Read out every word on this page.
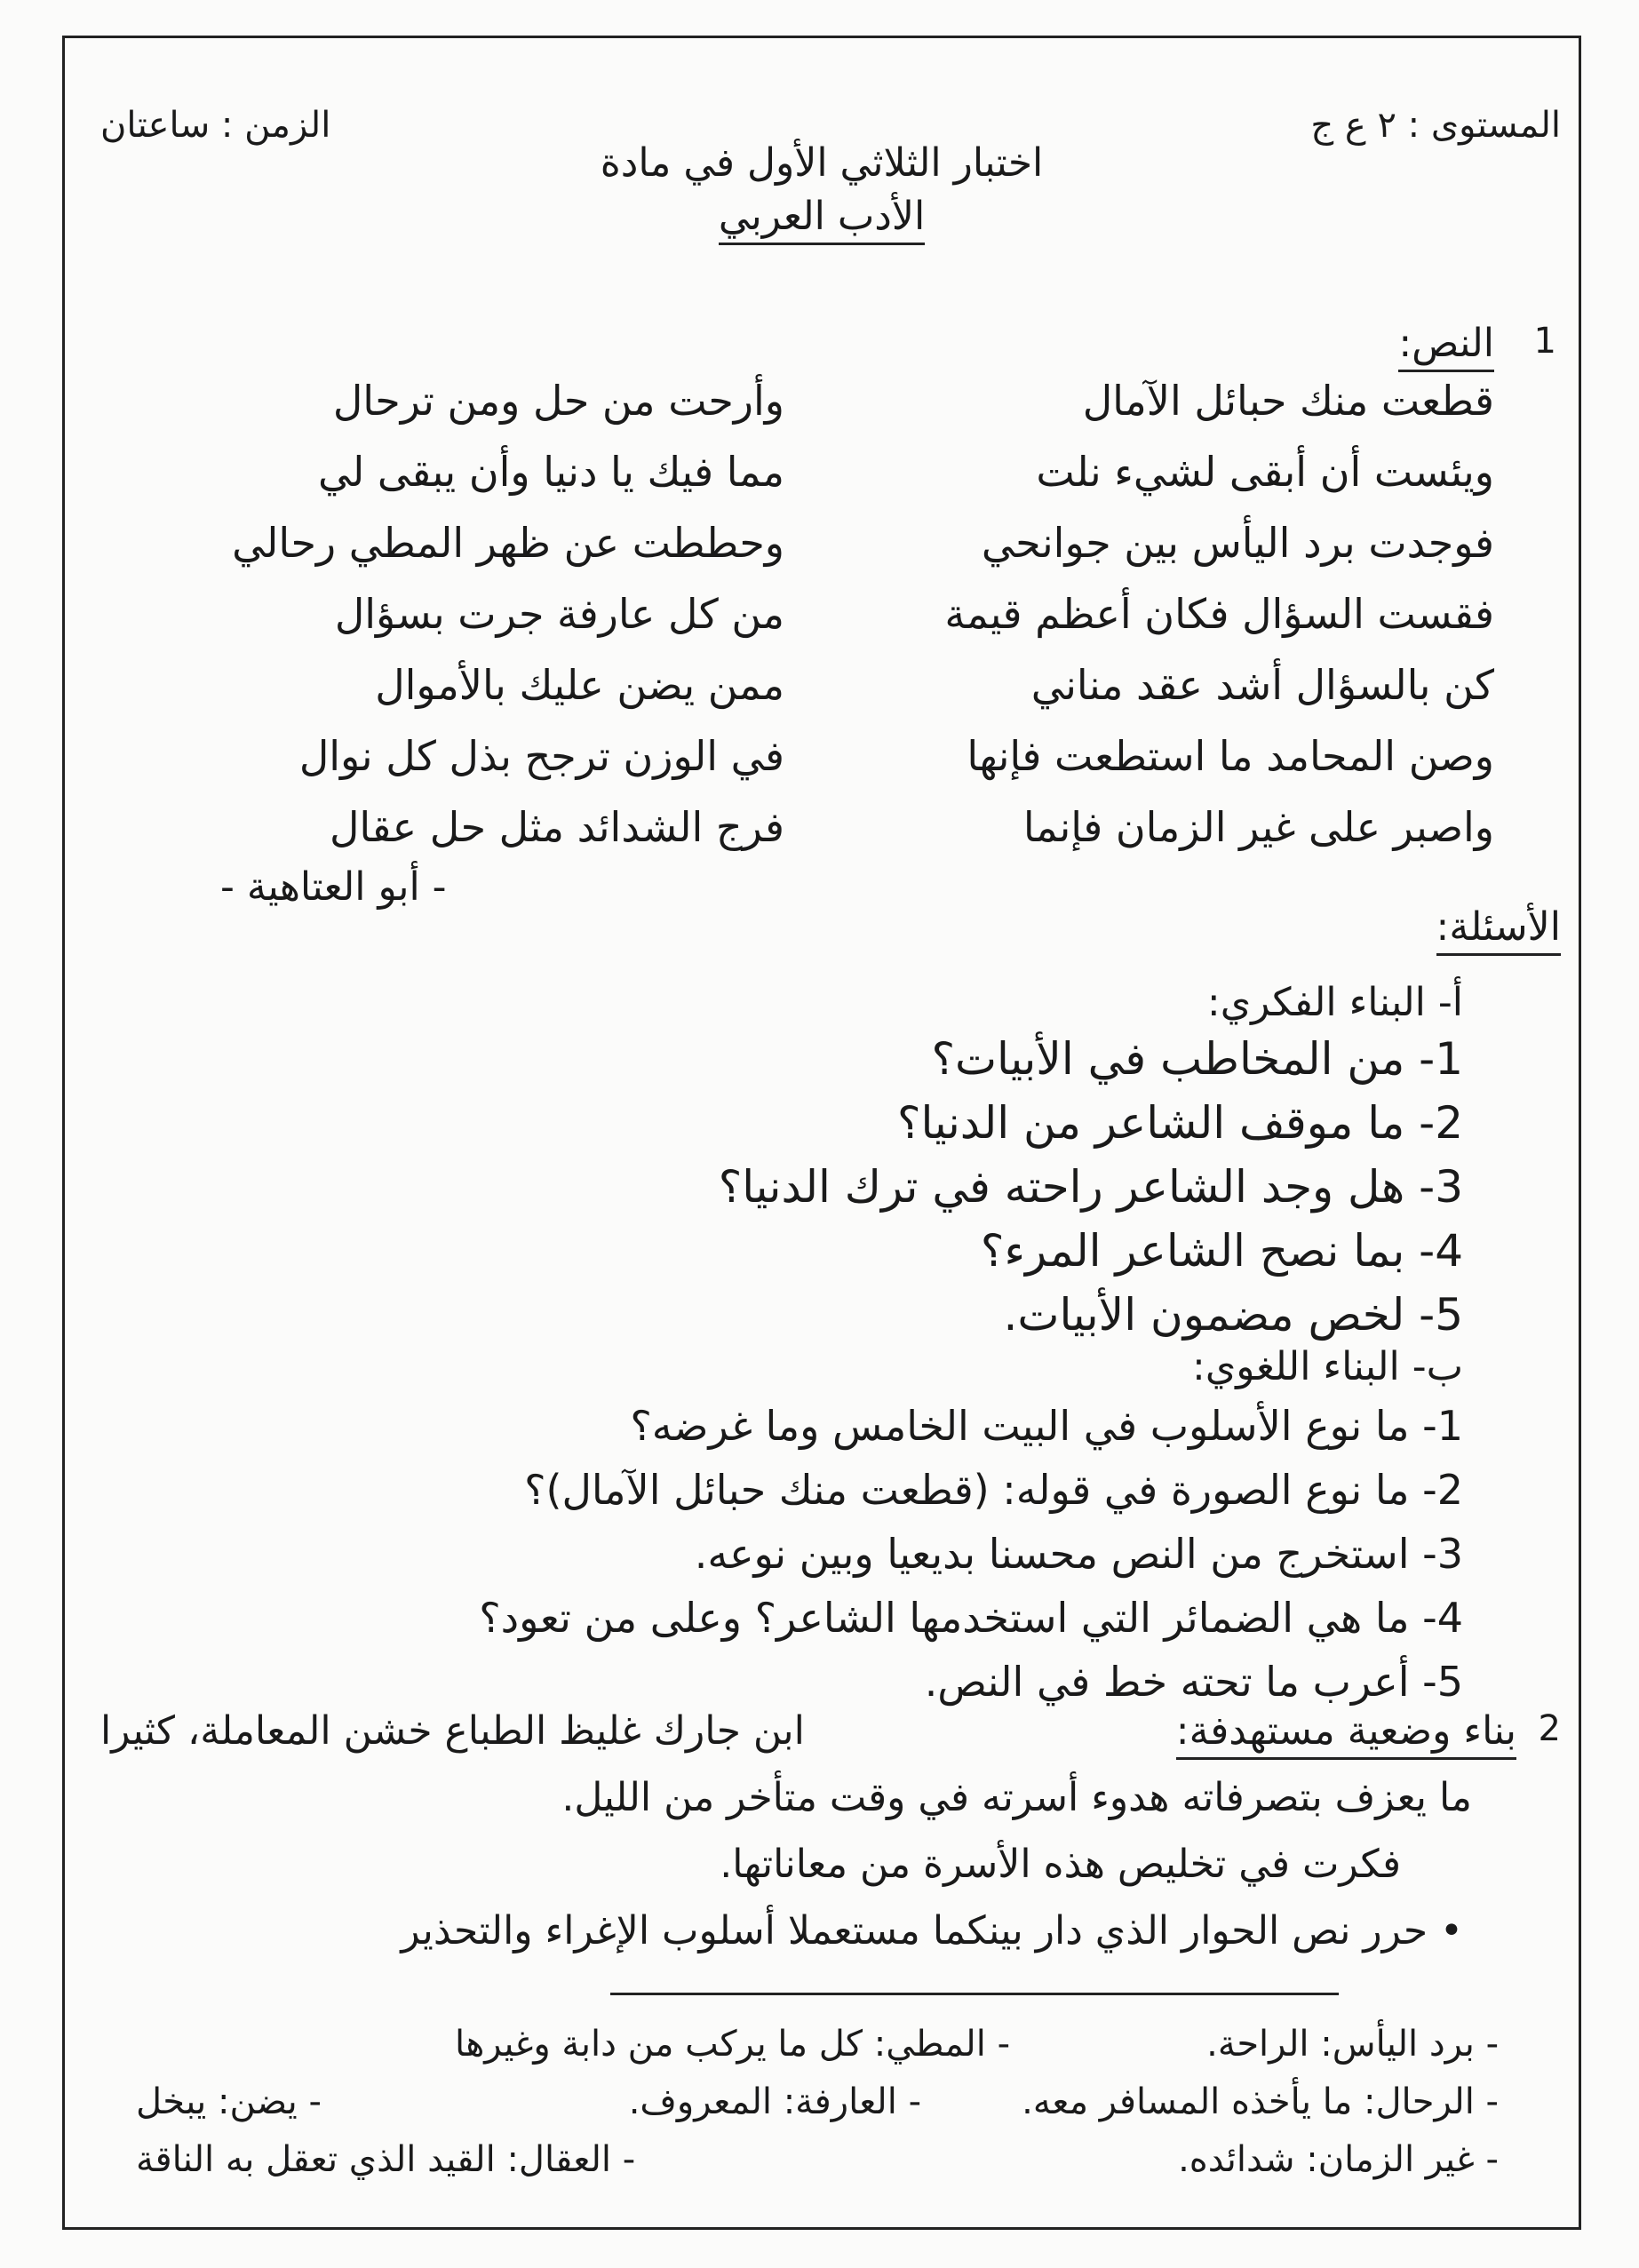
المستوى : ٢ ع ج
الزمن : ساعتان
اختبار الثلاثي الأول في مادة
الأدب العربي
1
النص:
قطعت منك حبائل الآمال
ويئست أن أبقى لشيء نلت
فوجدت برد اليأس بين جوانحي
فقست السؤال فكان أعظم قيمة
كن بالسؤال أشد عقد مناني
وصن المحامد ما استطعت فإنها
واصبر على غير الزمان فإنما
وأرحت من حل ومن ترحال
مما فيك يا دنيا وأن يبقى لي
وحططت عن ظهر المطي رحالي
من كل عارفة جرت بسؤال
ممن يضن عليك بالأموال
في الوزن ترجح بذل كل نوال
فرج الشدائد مثل حل عقال
- أبو العتاهية -
الأسئلة:
أ- البناء الفكري:
1- من المخاطب في الأبيات؟
2- ما موقف الشاعر من الدنيا؟
3- هل وجد الشاعر راحته في ترك الدنيا؟
4- بما نصح الشاعر المرء؟
5- لخص مضمون الأبيات.
ب- البناء اللغوي:
1- ما نوع الأسلوب في البيت الخامس وما غرضه؟
2- ما نوع الصورة في قوله: (قطعت منك حبائل الآمال)؟
3- استخرج من النص محسنا بديعيا وبين نوعه.
4- ما هي الضمائر التي استخدمها الشاعر؟ وعلى من تعود؟
5- أعرب ما تحته خط في النص.
2
بناء وضعية مستهدفة:
ابن جارك غليظ الطباع خشن المعاملة، كثيرا
ما يعزف بتصرفاته هدوء أسرته في وقت متأخر من الليل.
فكرت في تخليص هذه الأسرة من معاناتها.
• حرر نص الحوار الذي دار بينكما مستعملا أسلوب الإغراء والتحذير
- برد اليأس: الراحة.
- المطي: كل ما يركب من دابة وغيرها
- الرحال: ما يأخذه المسافر معه.
- العارفة: المعروف.
- يضن: يبخل
- غير الزمان: شدائده.
- العقال: القيد الذي تعقل به الناقة
